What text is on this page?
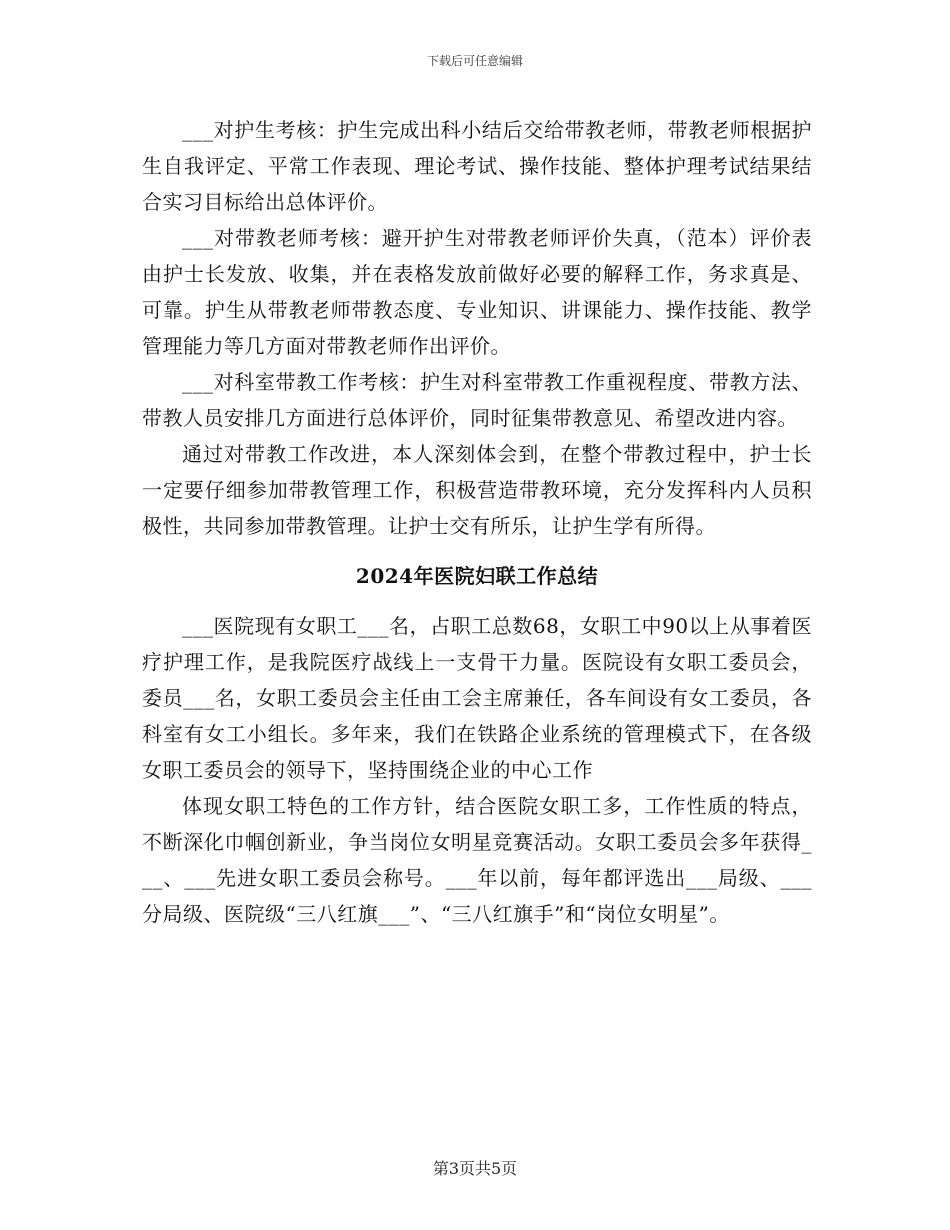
下载后可任意编辑

___对护生考核：护生完成出科小结后交给带教老师，带教老师根据护生自我评定、平常工作表现、理论考试、操作技能、整体护理考试结果结合实习目标给出总体评价。

___对带教老师考核：避开护生对带教老师评价失真，（范本）评价表由护士长发放、收集，并在表格发放前做好必要的解释工作，务求真是、可靠。护生从带教老师带教态度、专业知识、讲课能力、操作技能、教学管理能力等几方面对带教老师作出评价。

___对科室带教工作考核：护生对科室带教工作重视程度、带教方法、带教人员安排几方面进行总体评价，同时征集带教意见、希望改进内容。

通过对带教工作改进，本人深刻体会到，在整个带教过程中，护士长一定要仔细参加带教管理工作，积极营造带教环境，充分发挥科内人员积极性，共同参加带教管理。让护士交有所乐，让护生学有所得。

2024年医院妇联工作总结

___医院现有女职工___名，占职工总数68，女职工中90以上从事着医疗护理工作，是我院医疗战线上一支骨干力量。医院设有女职工委员会，委员___名，女职工委员会主任由工会主席兼任，各车间设有女工委员，各科室有女工小组长。多年来，我们在铁路企业系统的管理模式下，在各级女职工委员会的领导下，坚持围绕企业的中心工作

体现女职工特色的工作方针，结合医院女职工多，工作性质的特点，不断深化巾帼创新业，争当岗位女明星竞赛活动。女职工委员会多年获得___、___先进女职工委员会称号。___年以前，每年都评选出___局级、___分局级、医院级“三八红旗___”、“三八红旗手”和“岗位女明星”。

第3页共5页
